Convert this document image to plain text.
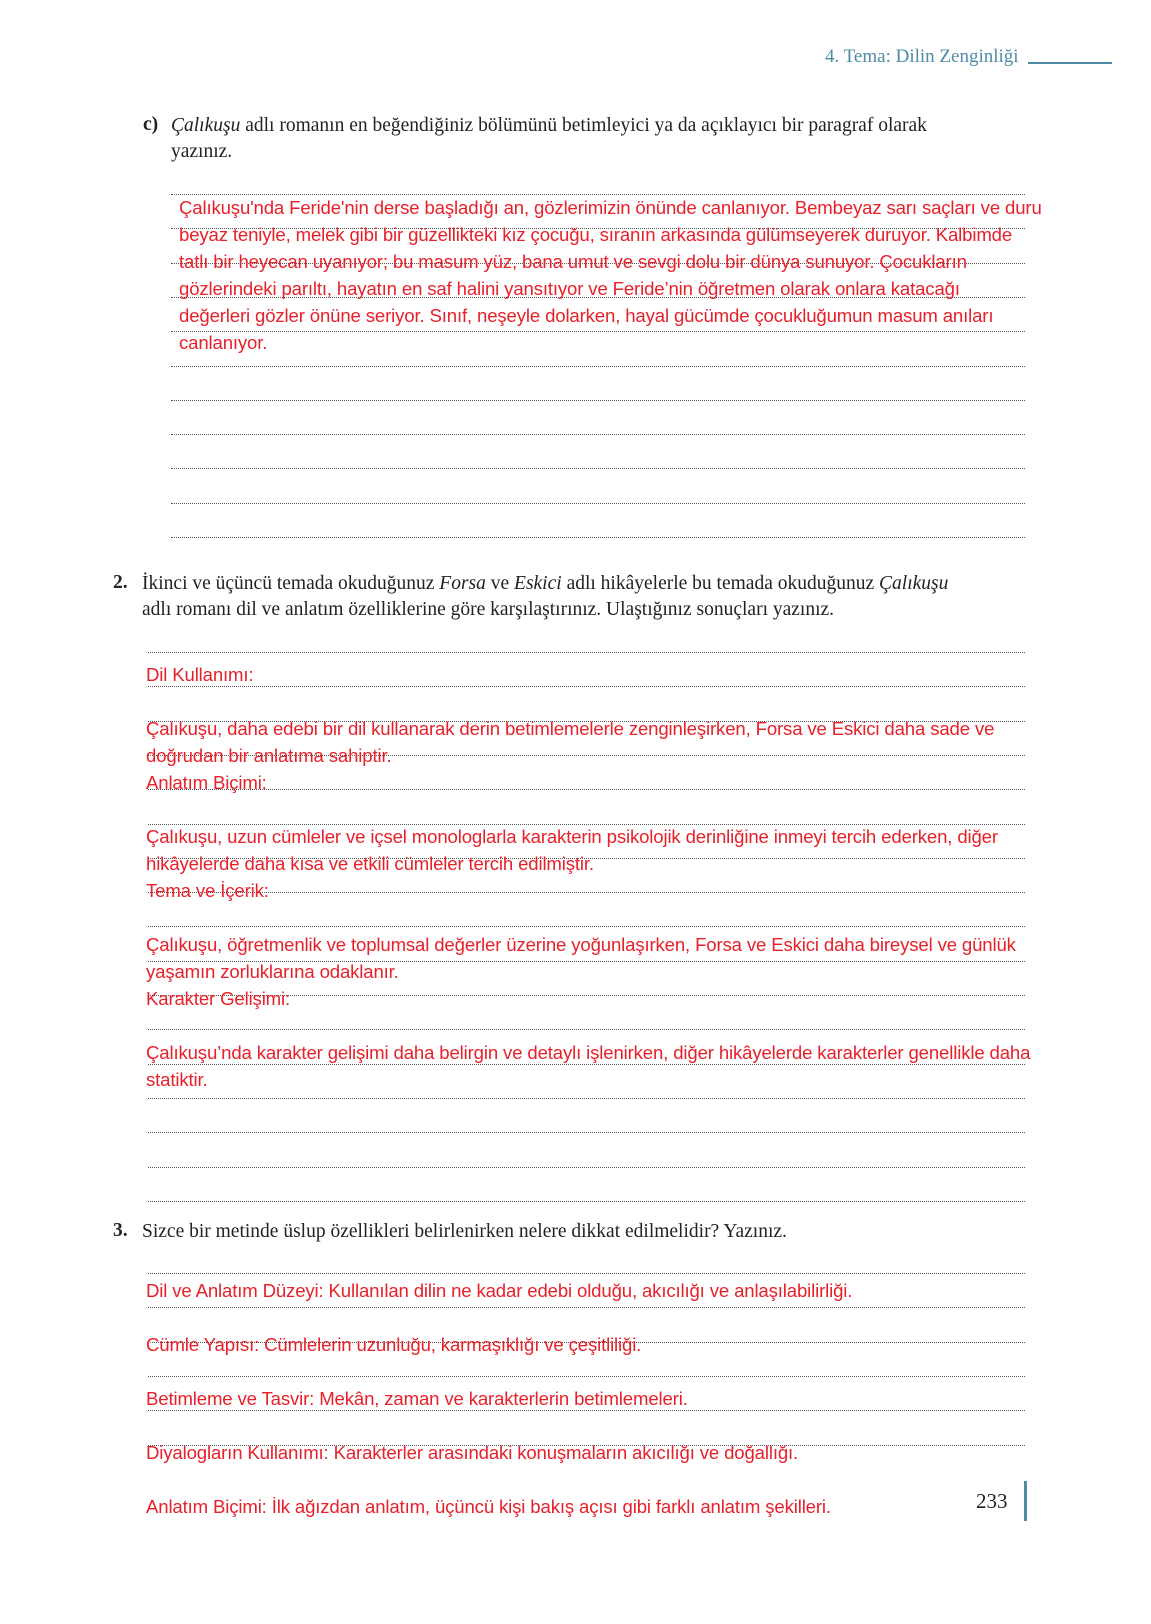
4. Tema: Dilin Zenginliği
c) Çalıkuşu adlı romanın en beğendiğiniz bölümünü betimleyici ya da açıklayıcı bir paragraf olarak
yazınız.
Çalıkuşu'nda Feride'nin derse başladığı an, gözlerimizin önünde canlanıyor. Bembeyaz sarı saçları ve duru
beyaz teniyle, melek gibi bir güzellikteki kız çocuğu, sıranın arkasında gülümseyerek duruyor. Kalbimde
tatlı bir heyecan uyanıyor; bu masum yüz, bana umut ve sevgi dolu bir dünya sunuyor. Çocukların
gözlerindeki parıltı, hayatın en saf halini yansıtıyor ve Feride’nin öğretmen olarak onlara katacağı
değerleri gözler önüne seriyor. Sınıf, neşeyle dolarken, hayal gücümde çocukluğumun masum anıları
canlanıyor.
2. İkinci ve üçüncü temada okuduğunuz Forsa ve Eskici adlı hikâyelerle bu temada okuduğunuz Çalıkuşu
adlı romanı dil ve anlatım özelliklerine göre karşılaştırınız. Ulaştığınız sonuçları yazınız.
Dil Kullanımı:
Çalıkuşu, daha edebi bir dil kullanarak derin betimlemelerle zenginleşirken, Forsa ve Eskici daha sade ve
doğrudan bir anlatıma sahiptir.
Anlatım Biçimi:
Çalıkuşu, uzun cümleler ve içsel monologlarla karakterin psikolojik derinliğine inmeyi tercih ederken, diğer
hikâyelerde daha kısa ve etkili cümleler tercih edilmiştir.
Tema ve İçerik:
Çalıkuşu, öğretmenlik ve toplumsal değerler üzerine yoğunlaşırken, Forsa ve Eskici daha bireysel ve günlük
yaşamın zorluklarına odaklanır.
Karakter Gelişimi:
Çalıkuşu’nda karakter gelişimi daha belirgin ve detaylı işlenirken, diğer hikâyelerde karakterler genellikle daha
statiktir.
3. Sizce bir metinde üslup özellikleri belirlenirken nelere dikkat edilmelidir? Yazınız.
Dil ve Anlatım Düzeyi: Kullanılan dilin ne kadar edebi olduğu, akıcılığı ve anlaşılabilirliği.
Cümle Yapısı: Cümlelerin uzunluğu, karmaşıklığı ve çeşitliliği.
Betimleme ve Tasvir: Mekân, zaman ve karakterlerin betimlemeleri.
Diyalogların Kullanımı: Karakterler arasındaki konuşmaların akıcılığı ve doğallığı.
Anlatım Biçimi: İlk ağızdan anlatım, üçüncü kişi bakış açısı gibi farklı anlatım şekilleri.	233
